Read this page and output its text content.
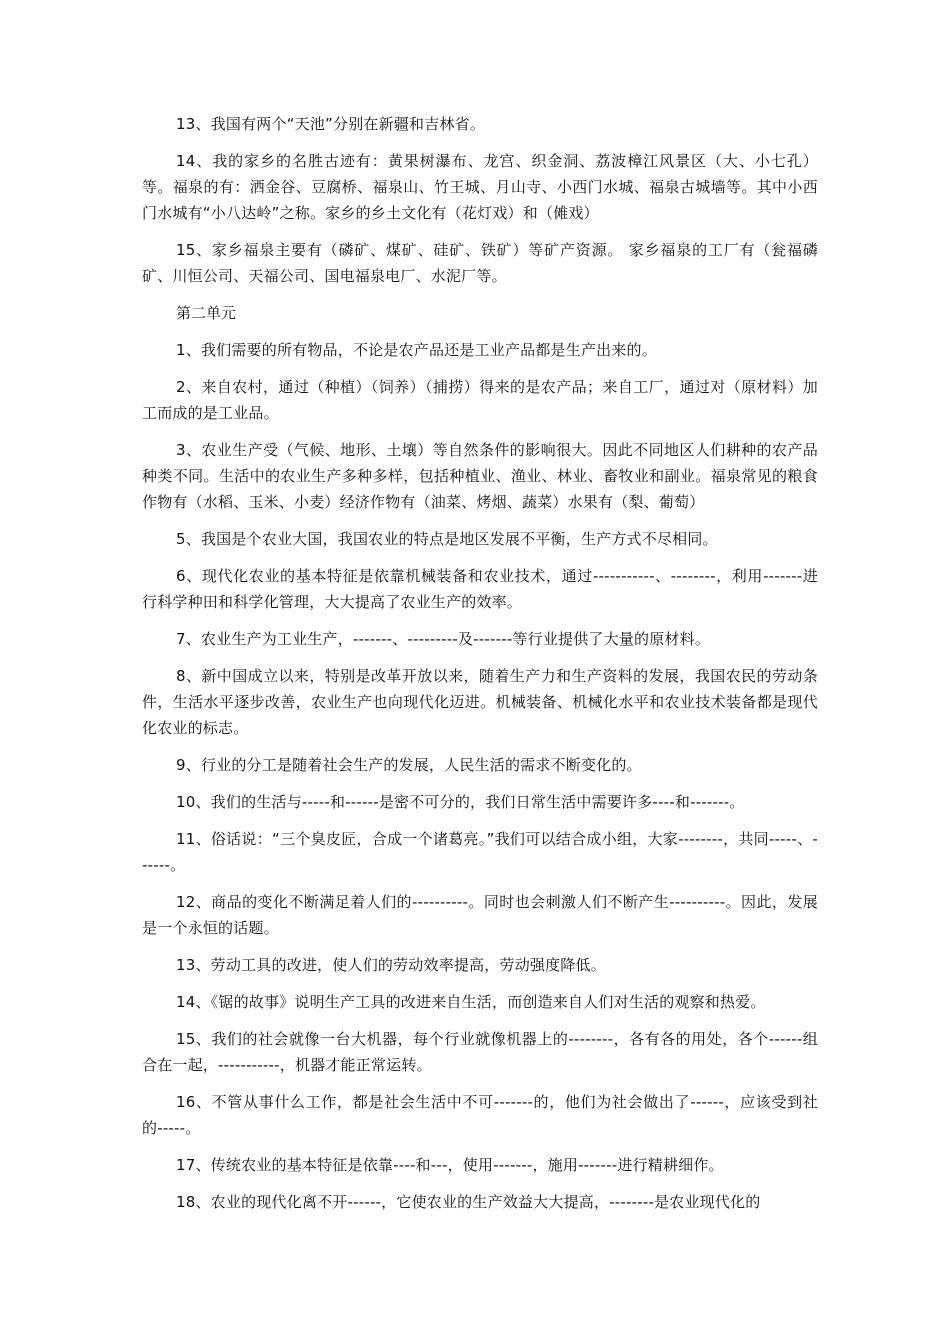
13、我国有两个“天池”分别在新疆和吉林省。

14、我的家乡的名胜古迹有：黄果树瀑布、龙宫、织金洞、荔波樟江风景区（大、小七孔）等。福泉的有：洒金谷、豆腐桥、福泉山、竹王城、月山寺、小西门水城、福泉古城墙等。其中小西门水城有“小八达岭”之称。家乡的乡土文化有（花灯戏）和（傩戏）

15、家乡福泉主要有（磷矿、煤矿、硅矿、铁矿）等矿产资源。 家乡福泉的工厂有（瓮福磷矿、川恒公司、天福公司、国电福泉电厂、水泥厂等。

第二单元

1、我们需要的所有物品，不论是农产品还是工业产品都是生产出来的。

2、来自农村，通过（种植）（饲养）（捕捞）得来的是农产品；来自工厂，通过对（原材料）加工而成的是工业品。

3、农业生产受（气候、地形、土壤）等自然条件的影响很大。因此不同地区人们耕种的农产品种类不同。生活中的农业生产多种多样，包括种植业、渔业、林业、畜牧业和副业。福泉常见的粮食作物有（水稻、玉米、小麦）经济作物有（油菜、烤烟、蔬菜）水果有（梨、葡萄）

5、我国是个农业大国，我国农业的特点是地区发展不平衡，生产方式不尽相同。

6、现代化农业的基本特征是依靠机械装备和农业技术，通过-----------、--------，利用-------进行科学种田和科学化管理，大大提高了农业生产的效率。

7、农业生产为工业生产，-------、---------及-------等行业提供了大量的原材料。

8、新中国成立以来，特别是改革开放以来，随着生产力和生产资料的发展，我国农民的劳动条件，生活水平逐步改善，农业生产也向现代化迈进。机械装备、机械化水平和农业技术装备都是现代化农业的标志。

9、行业的分工是随着社会生产的发展，人民生活的需求不断变化的。

10、我们的生活与-----和------是密不可分的，我们日常生活中需要许多----和-------。

11、俗话说：“三个臭皮匠，合成一个诸葛亮。”我们可以结合成小组，大家--------，共同-----、------。

12、商品的变化不断满足着人们的----------。同时也会刺激人们不断产生----------。因此，发展是一个永恒的话题。

13、劳动工具的改进，使人们的劳动效率提高，劳动强度降低。

14、《锯的故事》说明生产工具的改进来自生活，而创造来自人们对生活的观察和热爱。

15、我们的社会就像一台大机器，每个行业就像机器上的--------，各有各的用处，各个------组合在一起，-----------，机器才能正常运转。

16、不管从事什么工作，都是社会生活中不可-------的，他们为社会做出了------，应该受到社的-----。

17、传统农业的基本特征是依靠----和---，使用-------，施用-------进行精耕细作。

18、农业的现代化离不开------，它使农业的生产效益大大提高，--------是农业现代化的
